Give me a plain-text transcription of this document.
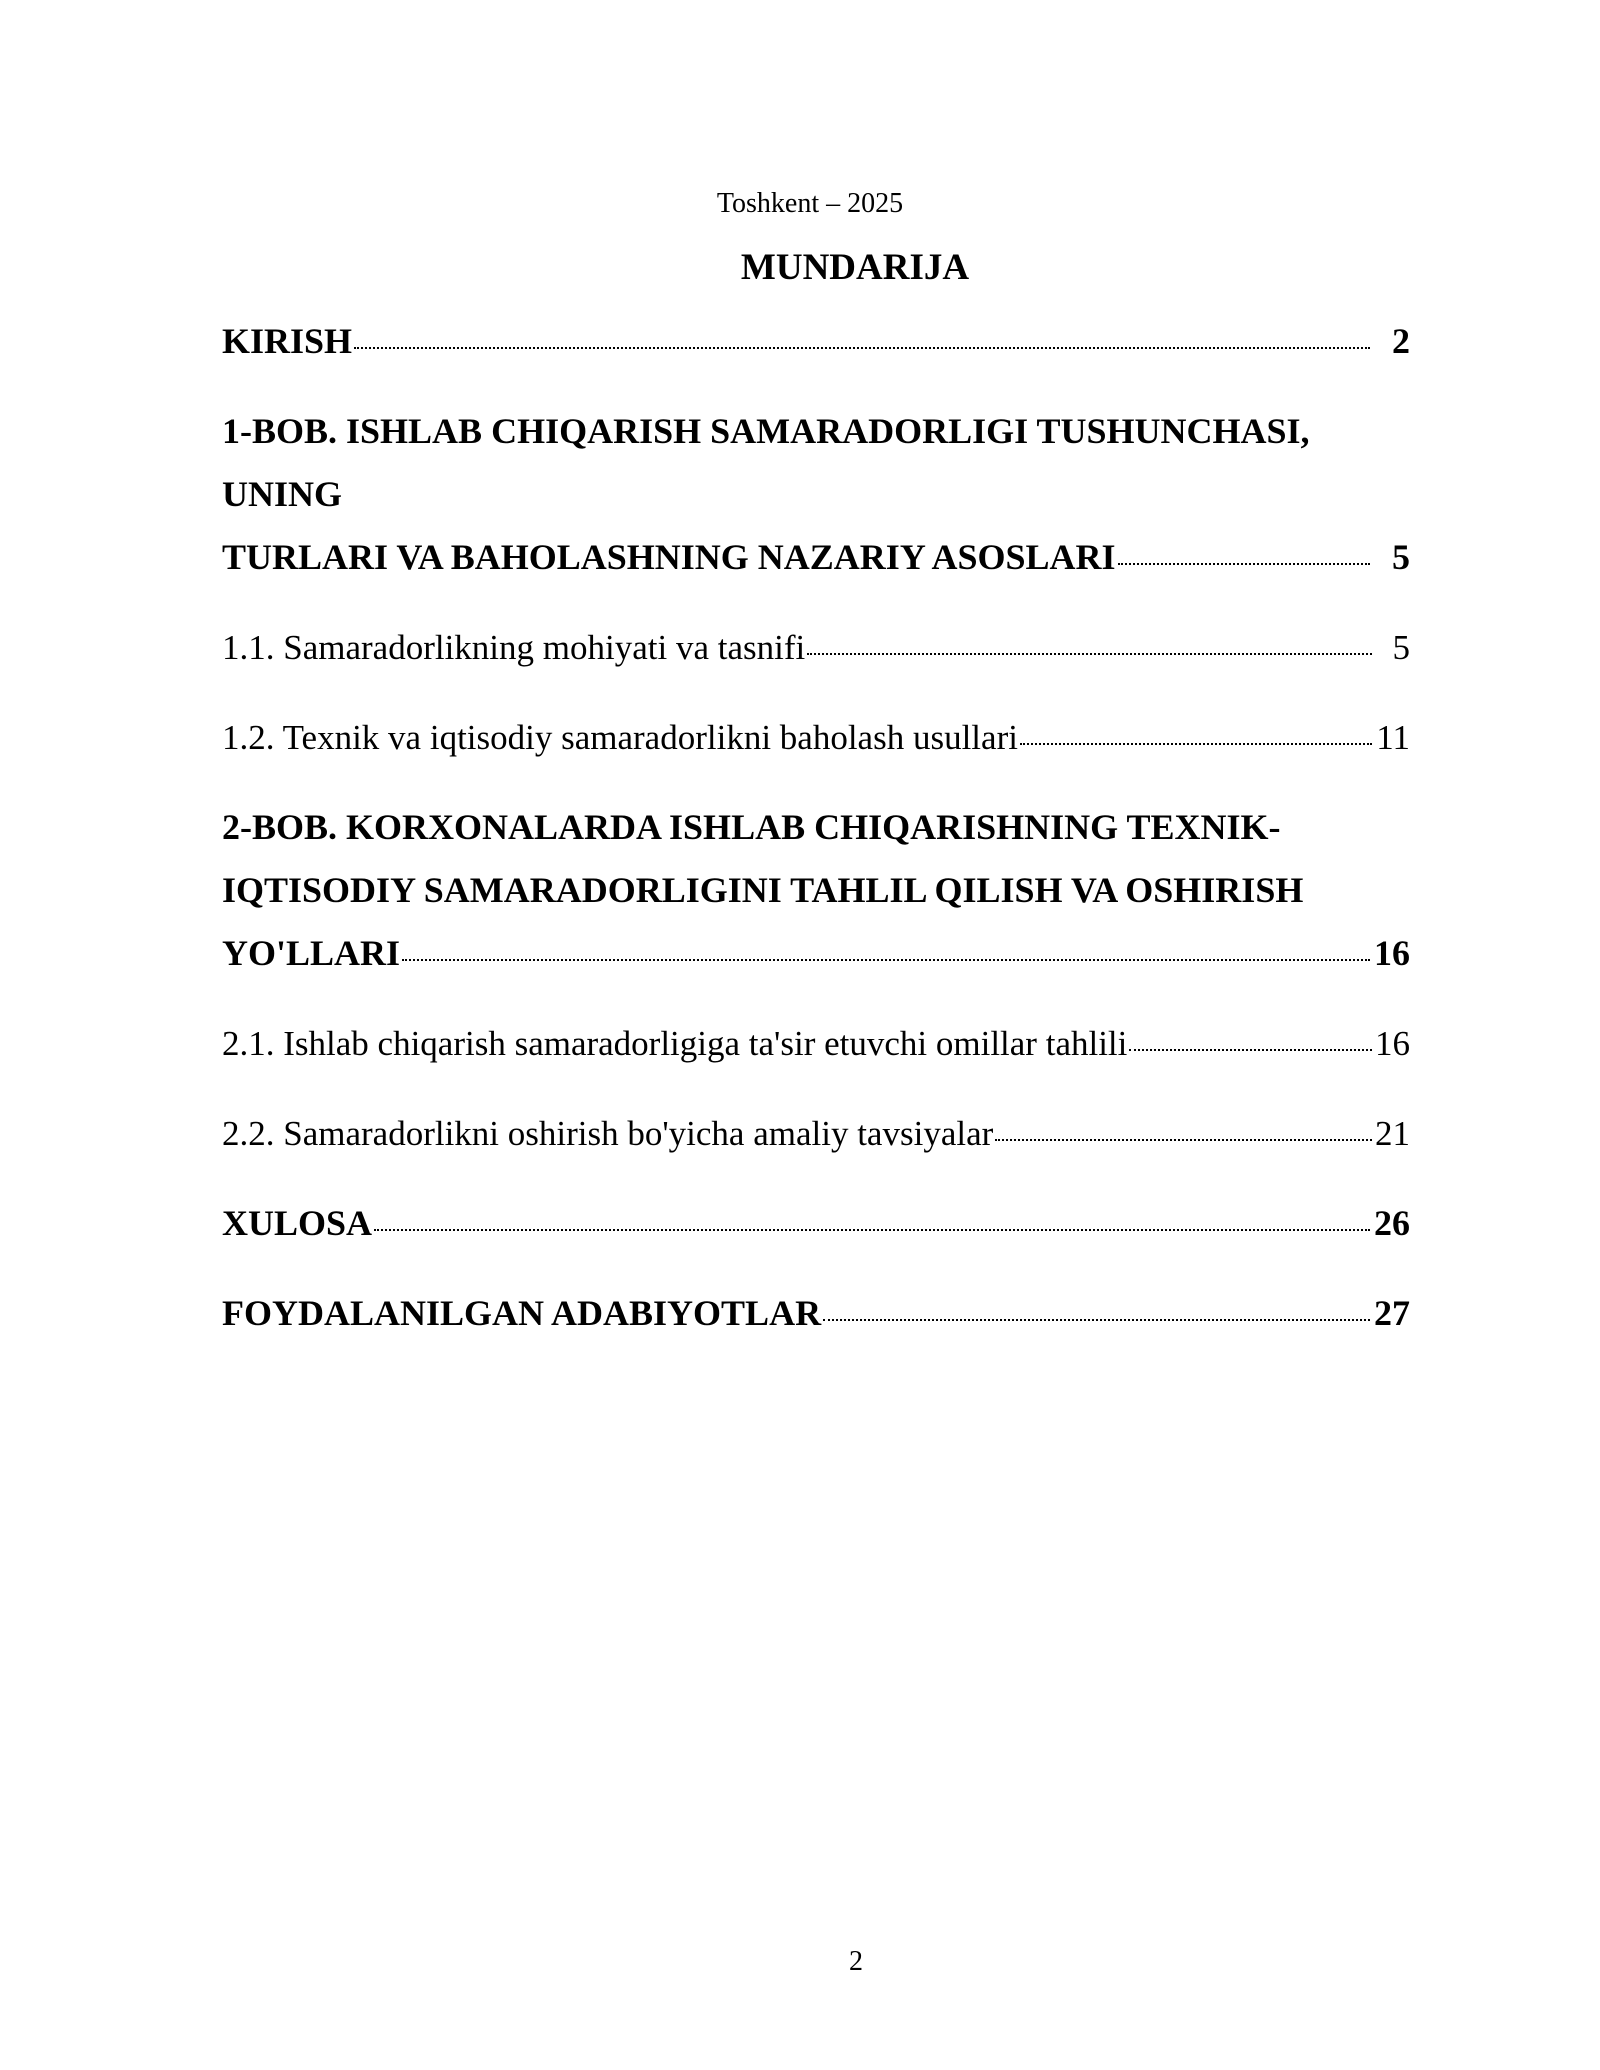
Toshkent – 2025
MUNDARIJA
KIRISH	2
1-BOB. ISHLAB CHIQARISH SAMARADORLIGI TUSHUNCHASI, UNING
TURLARI VA BAHOLASHNING NAZARIY ASOSLARI	5
1.1. Samaradorlikning mohiyati va tasnifi	5
1.2. Texnik va iqtisodiy samaradorlikni baholash usullari	11
2-BOB. KORXONALARDA ISHLAB CHIQARISHNING TEXNIK-
IQTISODIY SAMARADORLIGINI TAHLIL QILISH VA OSHIRISH
YO'LLARI	16
2.1. Ishlab chiqarish samaradorligiga ta'sir etuvchi omillar tahlili	16
2.2. Samaradorlikni oshirish bo'yicha amaliy tavsiyalar	21
XULOSA	26
FOYDALANILGAN ADABIYOTLAR	27
2
